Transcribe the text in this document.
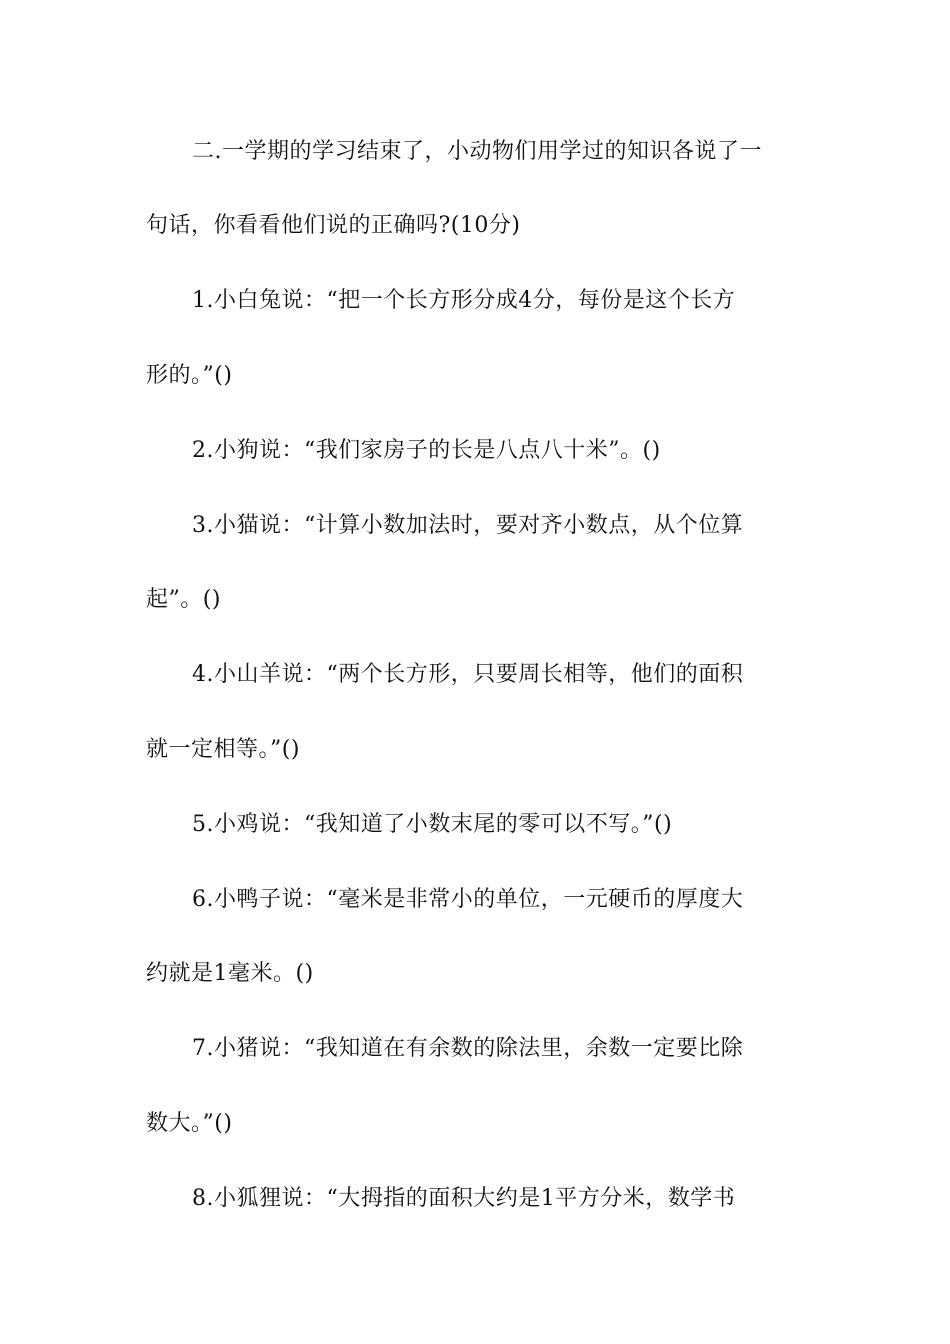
二.一学期的学习结束了，小动物们用学过的知识各说了一
句话，你看看他们说的正确吗?(10分)
1.小白兔说：“把一个长方形分成4分，每份是这个长方
形的。”()
2.小狗说：“我们家房子的长是八点八十米”。()
3.小猫说：“计算小数加法时，要对齐小数点，从个位算
起”。()
4.小山羊说：“两个长方形，只要周长相等，他们的面积
就一定相等。”()
5.小鸡说：“我知道了小数末尾的零可以不写。”()
6.小鸭子说：“毫米是非常小的单位，一元硬币的厚度大
约就是1毫米。()
7.小猪说：“我知道在有余数的除法里，余数一定要比除
数大。”()
8.小狐狸说：“大拇指的面积大约是1平方分米，数学书
